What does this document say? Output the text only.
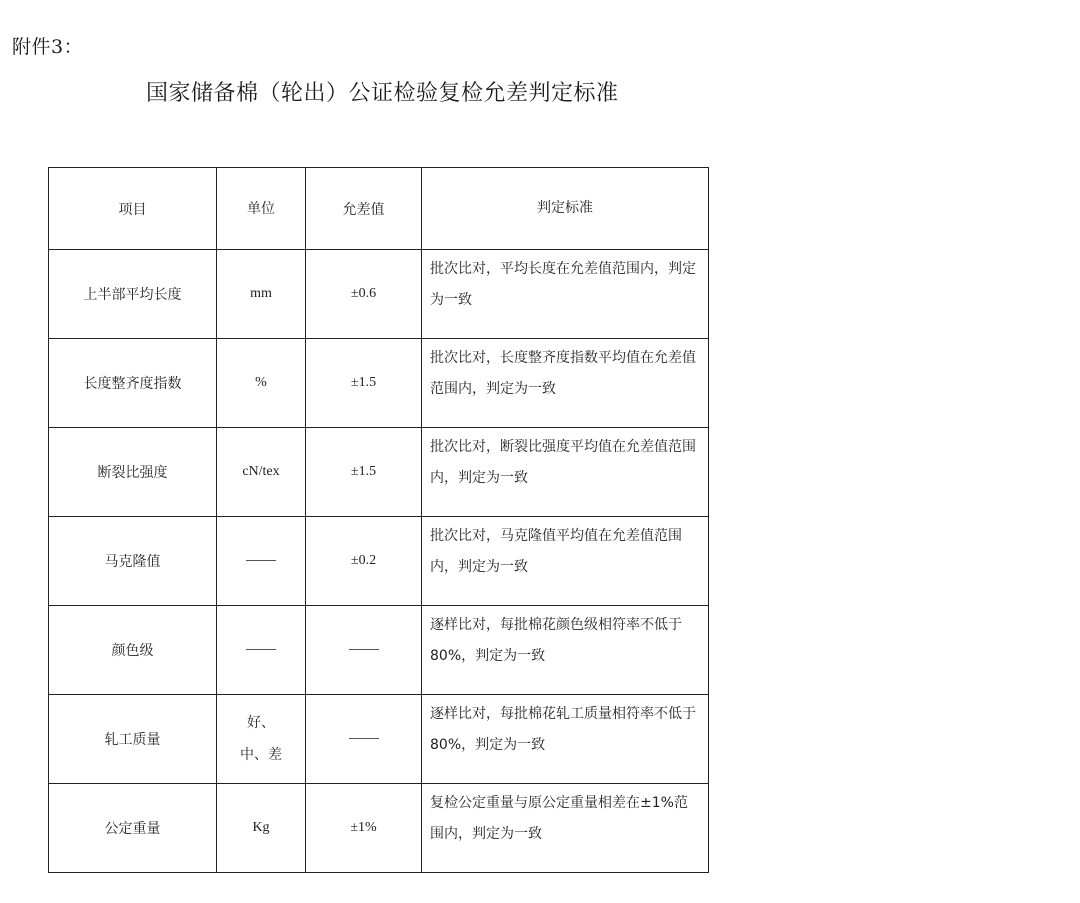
附件3：
国家储备棉（轮出）公证检验复检允差判定标准
项目	单位	允差值	判定标准
上半部平均长度	mm	±0.6	批次比对，平均长度在允差值范围内，判定为一致
长度整齐度指数	%	±1.5	批次比对，长度整齐度指数平均值在允差值范围内，判定为一致
断裂比强度	cN/tex	±1.5	批次比对，断裂比强度平均值在允差值范围内，判定为一致
马克隆值		±0.2	批次比对，马克隆值平均值在允差值范围内，判定为一致
颜色级			逐样比对，每批棉花颜色级相符率不低于80%，判定为一致
轧工质量	好、中、差		逐样比对，每批棉花轧工质量相符率不低于80%，判定为一致
公定重量	Kg	±1%	复检公定重量与原公定重量相差在±1%范围内，判定为一致
